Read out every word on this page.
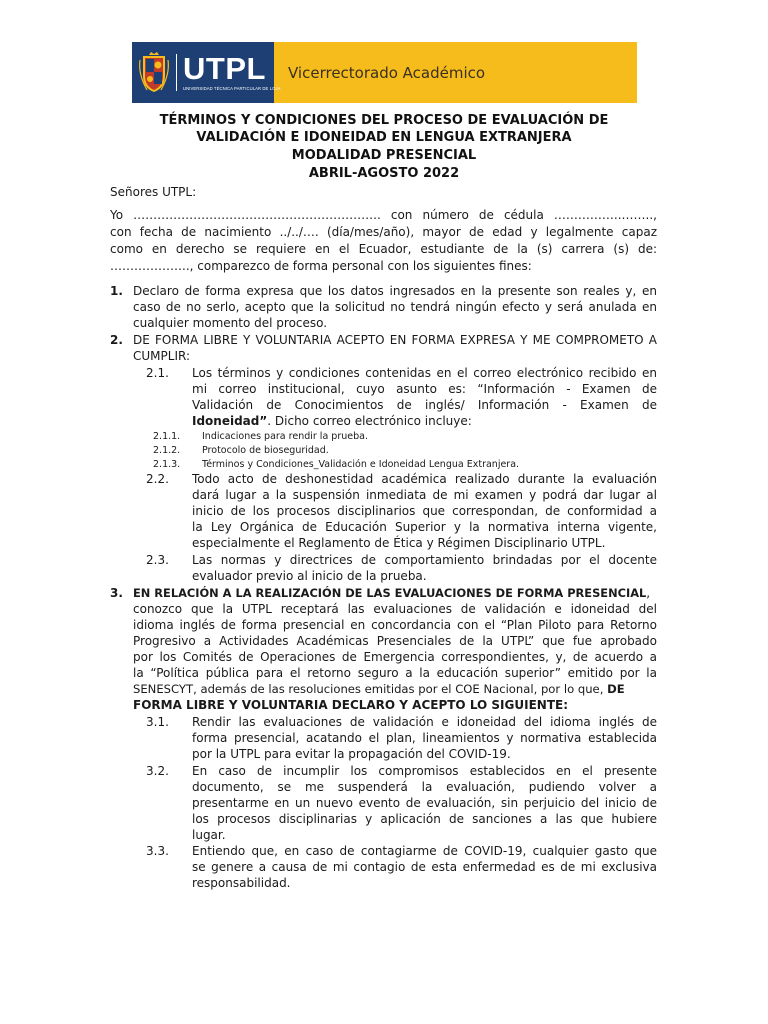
UTPL
UNIVERSIDAD TÉCNICA PARTICULAR DE LOJA
Vicerrectorado Académico
TÉRMINOS Y CONDICIONES DEL PROCESO DE EVALUACIÓN DE
VALIDACIÓN E IDONEIDAD EN LENGUA EXTRANJERA
MODALIDAD PRESENCIAL
ABRIL-AGOSTO 2022
Señores UTPL:
Yo …………………………………………………….. con número de cédula ……………..……..,
con fecha de nacimiento ../../…. (día/mes/año), mayor de edad y legalmente capaz
como en derecho se requiere en el Ecuador, estudiante de la (s) carrera (s) de:
……………….., comparezco de forma personal con los siguientes fines:
1. Declaro de forma expresa que los datos ingresados en la presente son reales y, en
caso de no serlo, acepto que la solicitud no tendrá ningún efecto y será anulada en
cualquier momento del proceso.
2. DE FORMA LIBRE Y VOLUNTARIA ACEPTO EN FORMA EXPRESA Y ME COMPROMETO A
CUMPLIR:
2.1. Los términos y condiciones contenidas en el correo electrónico recibido en
mi correo institucional, cuyo asunto es: “Información - Examen de
Validación de Conocimientos de inglés/ Información - Examen de
Idoneidad”. Dicho correo electrónico incluye:
2.1.1. Indicaciones para rendir la prueba.
2.1.2. Protocolo de bioseguridad.
2.1.3. Términos y Condiciones_Validación e Idoneidad Lengua Extranjera.
2.2. Todo acto de deshonestidad académica realizado durante la evaluación
dará lugar a la suspensión inmediata de mi examen y podrá dar lugar al
inicio de los procesos disciplinarios que correspondan, de conformidad a
la Ley Orgánica de Educación Superior y la normativa interna vigente,
especialmente el Reglamento de Ética y Régimen Disciplinario UTPL.
2.3. Las normas y directrices de comportamiento brindadas por el docente
evaluador previo al inicio de la prueba.
3. EN RELACIÓN A LA REALIZACIÓN DE LAS EVALUACIONES DE FORMA PRESENCIAL,
conozco que la UTPL receptará las evaluaciones de validación e idoneidad del
idioma inglés de forma presencial en concordancia con el “Plan Piloto para Retorno
Progresivo a Actividades Académicas Presenciales de la UTPL” que fue aprobado
por los Comités de Operaciones de Emergencia correspondientes, y, de acuerdo a
la “Política pública para el retorno seguro a la educación superior” emitido por la
SENESCYT, además de las resoluciones emitidas por el COE Nacional, por lo que, DE
FORMA LIBRE Y VOLUNTARIA DECLARO Y ACEPTO LO SIGUIENTE:
3.1. Rendir las evaluaciones de validación e idoneidad del idioma inglés de
forma presencial, acatando el plan, lineamientos y normativa establecida
por la UTPL para evitar la propagación del COVID-19.
3.2. En caso de incumplir los compromisos establecidos en el presente
documento, se me suspenderá la evaluación, pudiendo volver a
presentarme en un nuevo evento de evaluación, sin perjuicio del inicio de
los procesos disciplinarias y aplicación de sanciones a las que hubiere
lugar.
3.3. Entiendo que, en caso de contagiarme de COVID-19, cualquier gasto que
se genere a causa de mi contagio de esta enfermedad es de mi exclusiva
responsabilidad.
